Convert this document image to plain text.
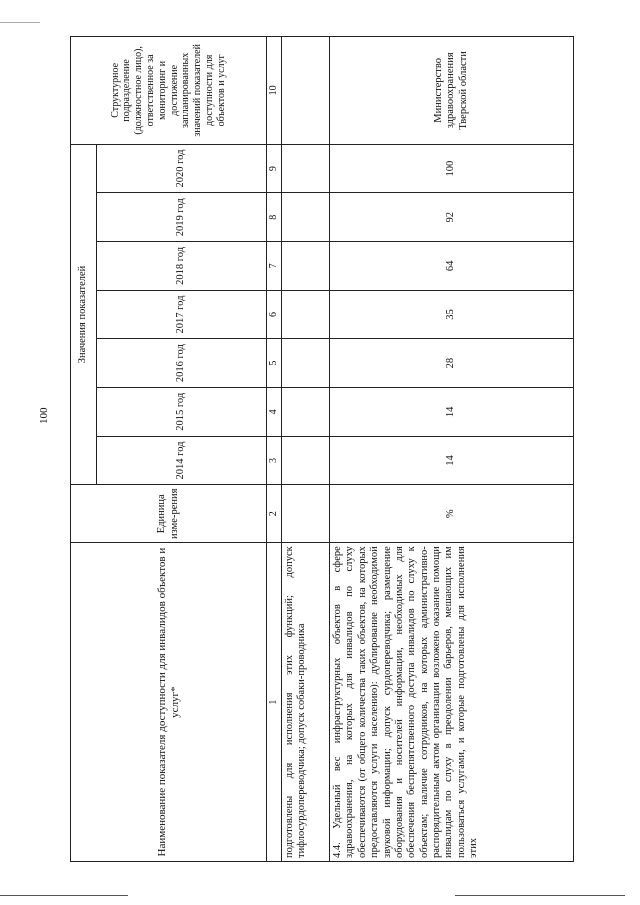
100
Наименование показателя доступности для инвалидов объектов и услуг*	Единица изме-рения	Значения показателей							Структурное подразделение (должностное лицо), ответственное за мониторинг и достижение запланированных значений показателей доступности для объектов и услуг
		2014 год	2015 год	2016 год	2017 год	2018 год	2019 год	2020 год	
1	2	3	4	5	6	7	8	9	10
подготовлены для исполнения этих функций; допуск тифлосурдопереводчика; допуск собаки-проводника									
4.4. Удельный вес инфраструктурных объектов в сфере здравоохранения, на которых для инвалидов по слуху обеспечиваются (от общего количества таких объектов, на которых предоставляются услуги населению): дублирование необходимой звуковой информации; допуск сурдопереводчика; размещение оборудования и носителей информации, необходимых для обеспечения беспрепятственного доступа инвалидов по слуху к объектам; наличие сотрудников, на которых административно-распорядительным актом организации возложено оказание помощи инвалидам по слуху в преодолении барьеров, мешающих им пользоваться услугами, и которые подготовлены для исполнения этих	%	14	14	28	35	64	92	100	Министерство здравоохранения Тверской области
